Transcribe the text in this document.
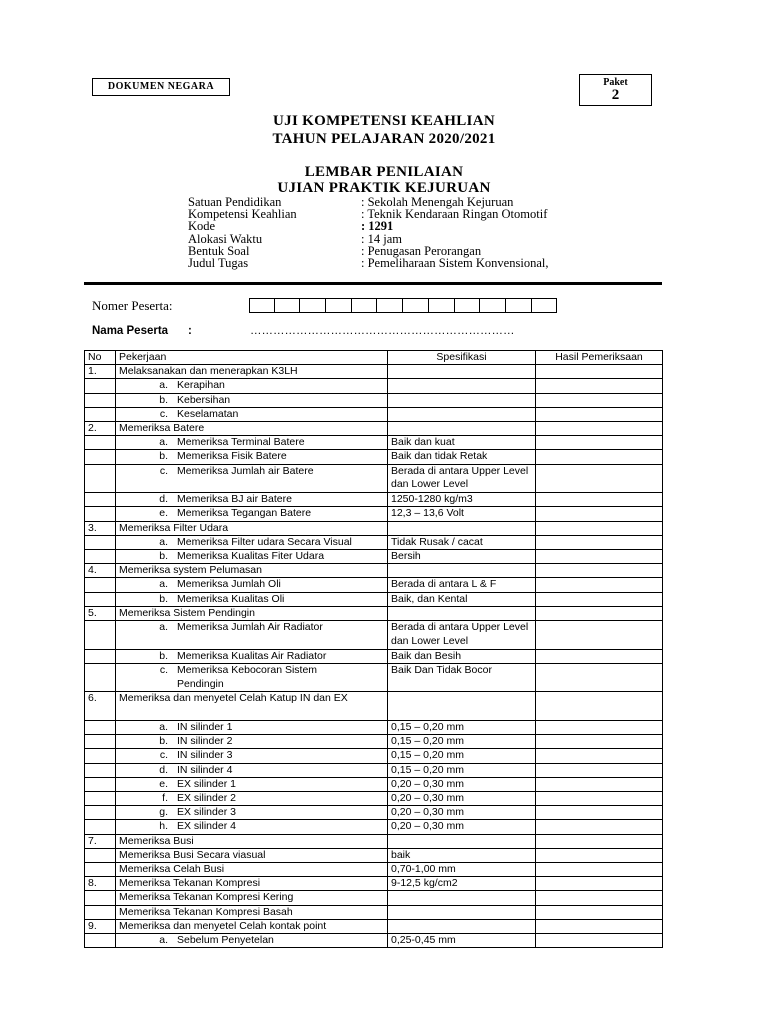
DOKUMEN NEGARA	Paket
2
UJI KOMPETENSI KEAHLIAN
TAHUN PELAJARAN 2020/2021
LEMBAR PENILAIAN
UJIAN PRAKTIK KEJURUAN
Satuan Pendidikan	: Sekolah Menengah Kejuruan
Kompetensi Keahlian	: Teknik Kendaraan Ringan Otomotif
Kode	: 1291
Alokasi Waktu	: 14 jam
Bentuk Soal	: Penugasan Perorangan
Judul Tugas	: Pemeliharaan Sistem Konvensional,
Nomer Peserta:
Nama Peserta :	……………………………………………………………
No	Pekerjaan	Spesifikasi	Hasil Pemeriksaan
1.	Melaksanakan dan menerapkan K3LH		
	a. Kerapihan		
	b. Kebersihan		
	c. Keselamatan		
2.	Memeriksa Batere		
	a. Memeriksa Terminal Batere	Baik dan kuat	
	b. Memeriksa Fisik Batere	Baik dan tidak Retak	
	c. Memeriksa Jumlah air Batere	Berada di antara Upper Level dan Lower Level	
	d. Memeriksa BJ air Batere	1250-1280 kg/m3	
	e. Memeriksa Tegangan Batere	12,3 – 13,6 Volt	
3.	Memeriksa Filter Udara		
	a. Memeriksa Filter udara Secara Visual	Tidak Rusak / cacat	
	b. Memeriksa Kualitas Fiter Udara	Bersih	
4.	Memeriksa system Pelumasan		
	a. Memeriksa Jumlah Oli	Berada di antara L & F	
	b. Memeriksa Kualitas Oli	Baik, dan Kental	
5.	Memeriksa Sistem Pendingin		
	a. Memeriksa Jumlah Air Radiator	Berada di antara Upper Level dan Lower Level	
	b. Memeriksa Kualitas Air Radiator	Baik dan Besih	
	c. Memeriksa Kebocoran Sistem Pendingin	Baik Dan Tidak Bocor	
6.	Memeriksa dan menyetel Celah Katup IN dan EX		
	a. IN silinder 1	0,15 – 0,20 mm	
	b. IN silinder 2	0,15 – 0,20 mm	
	c. IN silinder 3	0,15 – 0,20 mm	
	d. IN silinder 4	0,15 – 0,20 mm	
	e. EX silinder 1	0,20 – 0,30 mm	
	f. EX silinder 2	0,20 – 0,30 mm	
	g. EX silinder 3	0,20 – 0,30 mm	
	h. EX silinder 4	0,20 – 0,30 mm	
7.	Memeriksa Busi		
	Memeriksa Busi Secara viasual	baik	
	Memeriksa Celah Busi	0,70-1,00 mm	
8.	Memeriksa Tekanan Kompresi	9-12,5 kg/cm2	
	Memeriksa Tekanan Kompresi Kering		
	Memeriksa Tekanan Kompresi Basah		
9.	Memeriksa dan menyetel Celah kontak point		
	a. Sebelum Penyetelan	0,25-0,45 mm	
